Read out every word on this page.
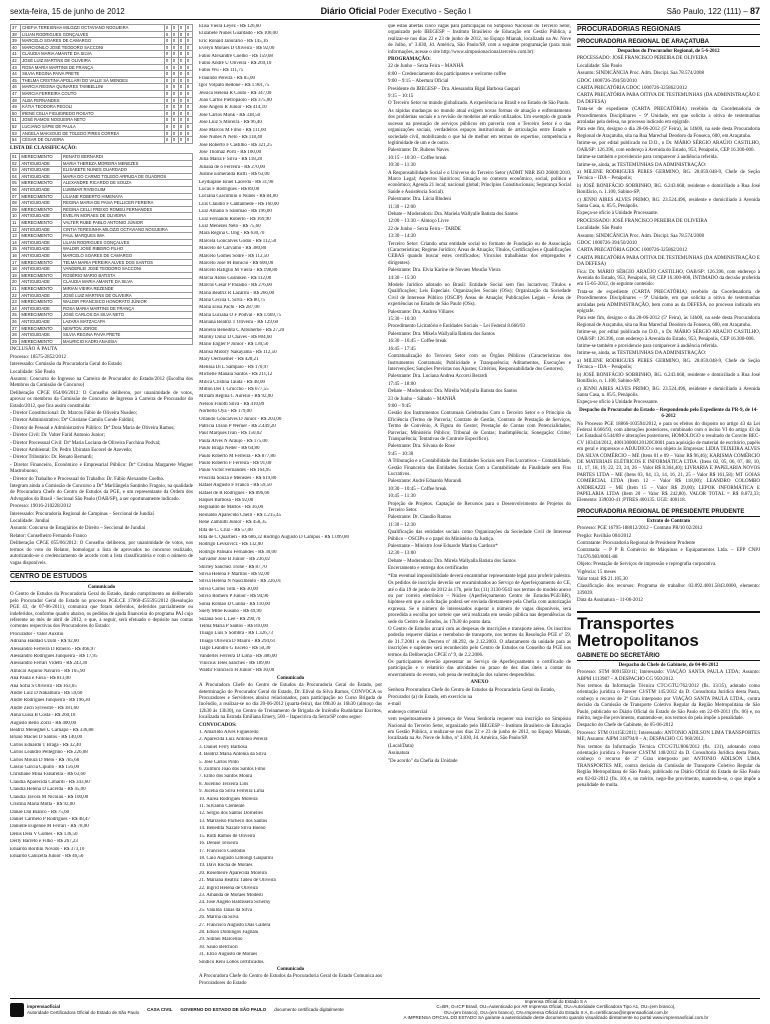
sexta-feira, 15 de junho de 2012	Diário Oficial Poder Executivo - Seção I	São Paulo, 122 (111) – 87
37	CHEFIA TERESINHA MILOZZI OCTAVIANO NOGUEIRA	0	0	0	0
38	LILIAN RODRIGUES GONÇALVES	0	0	0	0
39	MARCELO SOARES DE CAMARGO	0	0	0	0
40	MARCIONILO JOSÉ TEODORO SACCONI	0	0	0	0
41	CLÁUDIA MARIA AMANTE DA SILVA	0	0	0	0
42	JOSÉ LUIZ MARTINS DE OLIVEIRA	0	0	0	0
43	ROSA MARIA MARTINS DE FRANÇA	0	0	0	0
44	SILVIA REGINA PAIVA PRETE	0	0	0	0
45	THELMA CRISTINA APOLLARI DO VALLE SÁ MENDES	0	0	0	0
46	MARCIA REGINA QUINARES TAMBELLINI	0	0	0	0
47	MARCIA FERREIRA COUTO	0	0	0	0
48	ALBA FERNANDES	0	0	0	0
49	KÁTIA TEODORA PEGOLI	0	0	0	0
50	IRENE CELIA FIGUEIREDO ROSATO	0	0	0	0
51	JOSÉ RAMOS NOGUEIRA NETO	0	0	0	0
52	LUCIANO SÁPIE DE PAULA	0	0	0	0
53	ANGELA MAKSOUD DE TOLEDO PIRES CORREA	0	0	0	0
54	CÉSAR DE OLIVEIRA	0	0	0	0

LISTA DE CLASSIFICAÇÃO:

01	MERECIMENTO	RENATO BERNARDI
02	ANTIGUIDADE	MARIA THEREZA MOREIRA MENEZES
03	ANTIGUIDADE	ELISABETE NUNES GUARDADO
04	ANTIGUIDADE	MARIA DO CARMO TOLEDO ARRUDA DE GUADROS
05	MERECIMENTO	ALEXANDRE RICARDO DE SOUZA
06	ANTIGUIDADE	LUMIMAR RIVEIGUIM
07	MERECIMENTO	LILIANE ROBERTO HIMENAYA
08	ANTIGUIDADE	REGINA MARIA DE PAIVA PELLICER FEREIRA
09	MERECIMENTO	REGINA CELLI FREIXO ROMEU FERNANDES
10	ANTIGUIDADE	EVELYN MORAES DE OLIVEIRA
11	MERECIMENTO	VALTER RUBE PABLO ANTONIO JÚNIOR
12	ANTIGUIDADE	CINTIA TERESINHA MILOZZI OCTAVIANO NOGUEIRA
13	MERECIMENTO	PAUL MARQUES IMA
14	ANTIGUIDADE	LILIAN RODRIGUES GONÇALVES
15	ANTIGUIDADE	WALDIR JOSÉ RIBEIRO FILHO
16	ANTIGUIDADE	MARCELO SOARES DE CAMARGO
17	MERECIMENTO	TELMA MARIA PEREIRA ALVES DOS SANTOS
18	ANTIGUIDADE	VANDERLEI JOSÉ TEODORO SACCONI
19	MERECIMENTO	ROSÉRIO MARIO BATISTA
20	ANTIGUIDADE	CLAUDIA MARIA AMANTE DA SILVA
21	MERECIMENTO	MIRIAN VIEIRA REZENDE
22	ANTIGUIDADE	JOSÉ LUIZ MARTINS DE OLIVEIRA
23	MERECIMENTO	WALDIR FRANCISCO HONORATO JÚNIOR
24	ANTIGUIDADE	ROSA MARIA MARTINS DE FRANÇA
25	MERECIMENTO	JOSÉ CARLOS DA SILVA NETO
26	ANTIGUIDADE	LAZARA MATZACAPA
27	MERECIMENTO	NEWTON JORGE
28	ANTIGUIDADE	SILVIA REGINA PAIVA PRETE
29	MERECIMENTO	MAURICIO KADRI ANASSIA

INCLUSÃO À PAUTA

Processo: 18575-2852/2012

Interessado: Comissão da Procuradoria Geral do Estado

Localidade: São Paulo

Assunto: Concurso de Ingresso na Carreira de Procurador do Estado/2012 (Escolha dos Membros da Comissão de Concurso)

Deliberação CPGE 054/06/2012: O Conselho deliberou, por unanimidade de votos, aprovar os membros da Comissão de Concurso de Ingresso à Carreira de Procurador do Estado/2012, que fica assim constituída:

- Diretor Constitucional: Dr. Marcos Fábio de Oliveira Nusdeo;

- Diretor Administrativo: Drª Cristiane Camilo Conde Faldini;

- Diretor de Pessoal e Administrativo Público: Drª Dora Maria de Oliveira Ramos;

- Diretor Civil: Dr. Valter Farid Antonio Junior;

- Diretor Processual Civil: Drª Maria Luciana de Oliveira Facchina Podval;

- Diretor Ambiental: Dr. Pedro Ubiratan Escorel de Azevedo;

- Diretor Tributário: Dr. Renato Bernardi;

- Diretor Financeiro, Econômico e Empresarial Público: Drª Cristina Margarete Wagner Mastrobuono;

- Diretor do Trabalho e Processual do Trabalho: Dr. Fábio Alexandre Coelho.

Integram ainda a Comissão de Concurso a Drª Marilângela Santinho Fragoio, na qualidade de Procuradora Chefe do Centro de Estudos da PGE, e um representante da Ordem dos Advogados do Brasil - Secional São Paulo (OAB/SP), a ser oportunamente indicado.

Processo: 19016-210228/2012

Interessado: Procuradoria Regional de Campinas – Seccional de Jundiaí

Localidade: Jundiaí

Assunto: Concurso de Estagiários de Direito – Seccional de Jundiaí

Relator: Conselheiro Fernando Franco

Deliberação CPGE 055/06/2012: O Conselho deliberou, por unanimidade de votos, nos termos do voto do Relator, homologar a lista de aprovados no concurso realizado, autorizando-se o credenciamento de acordo com a lista classificatória e com o número de vagas disponíveis.

CENTRO DE ESTUDOS

Comunicado

O Centro de Estudos da Procuradoria Geral do Estado, dando cumprimento ao deliberado pelo Procurador Geral do Estado no processo PGE.CE 17060-455595/2012 (Resolução PGE 43, de 07-06-2011), comunica que foram deferidos, deferidos parcialmente ou indeferidos, conforme quadro abaixo, os pedidos de ajuda financeira do programa PAI cujo referente ao mês de abril de 2012, e que, a seguir, será efetuado o depósito nas contas correntes respectivas dos Procuradores do Estado:

Procurador - Valor Auxílio

Adriana Haddad Uzum - R$ 92,00

Alessandro Ferreira D Ribeiro - R$ 466,97

Alessandro Rodrigues Junqueira - R$ 17,95

Alessandro Ferrari Videtti - R$ 243,30

Amilcar Aquino Navarro - R$ 165,90

Ana Paula e Faria - R$ 813,00

Ana Sofia S Oliveira - R$ 163,65

Andre Luiz D Nakamura - R$ 59,60

Andre Rodrigues Junqueira - R$ 196,30

Andre Zech Sylvestre - R$ 381,60

Anna Luisa B Costa - R$ 260,10

Augusto Bello Zorzi - R$ 400,00

Beatriz Meneghel C Carnapo - R$ 336,88

Bruno Maciel D Santos - R$ 140,00

Carlos Eduardo T Braga - R$ 32,40

Carlos Leandro Pellegrino - R$ 226,08

Carlos Moura D Melo - R$ 785,60

Cassio Garcia Cipullo - R$ 156,00

Christiane Mina Falsarella - R$ 63,60

Claudia Aparecida Cimardi - R$ 343,60

Claudia Helena D Lacerda - R$ 45,00

Claudia Tavora M Nicolau - R$ 100,00

Cristina Maria Motta - R$ 92,00

Danae Dal Bianco - R$ 75,60

Daniel Carmelo P Rodrigues - R$ 48,47

Danielle Eugenne M Ferrari - R$ 78,00

Denis Dela V Gomes - R$ 136,50

Derly Barreto e Filho - R$ 267,23

Eduardo Bordini Novato - R$ 373,10

Eduardo Canizella Junior - R$ 46,50

Elisa Vieira Leyez - R$ 126,60

Elizabete Nunes Guardado - R$ 100,00

Eric Ronald Janurario - R$ 145,16

Evelyn Moraes D Oliveira - R$ 92,00

Fabio Alexandre Coelho - R$ 159,68

Fabio Andre U Oliveira - R$ 269,10

Fabio Wu - R$ 111,75

Frauindo Pereira - R$ 85,00

Igor Volpato Bedone - R$ 1.901,75

Jessica Helena R Couto - R$ 347,00

Joao Carlos Pietropaolo - R$ 375,00

Jose Angelo R Junior - R$ 414,10

Jose Carlos Monk - R$ 338,50

Jose Luiz S Moreira - R$ 96,40

Jose Marcos M Filho - R$ 111,60

Jose Nunes N Neto - R$ 118,40

Jose Roberto F Castilho - R$ 321,25

Jose Thomaz Porti - R$ 100,00

Julia Maria F Silva - R$ 118,28

Juliana de o Ferreira - R$ 270,00

Justine Esmeralda Ruffi - R$ 63,00

Leydiajane Israel Lacerda - R$ 31,90

Lucas F Rodrigues - R$ 89,00

Luciana Giacomini o Nunes - R$ 84,00

Luis Claudio F Cantanhede - R$ 160,00

Luiz Amalio S Salomao - R$ 196,00

Luiz Fernando Roberto - R$ 169,90

Luiz Menezes Neto - R$ 75,60

Mara Regina C Ong - R$ 630,70

Marcela Goncalves Godoi - R$ 112,50

Marcelo de Carvalho - R$ 380,80

Marcelo Gomes Sodre - R$ 112,50

Marcelo Jose M Bonicio - R$ 600,00

Marcelo Rafiglio M Vieira - R$ 198,80

Marcia Aldos Gushiken - R$ 112,00

Marcos Cesar P Paradio - R$ 276,00

Maria Beatriz R Lazarini - R$ 266,00

Maria Cecilia C Silva - R$ 80,75

Maria Elisa Pachi - R$ 287,00

Maria Luciana O F Podval - R$ 1.669,75

Mariana Beatriz T Oliveira - R$ 129,60

Mariella Benedita C Albuherbe - R$ 27,20

Mariny Diniz D Chaves - R$ 804,60

Mario Engler P Junior - R$ 130,50

Marisa Midory Nakayama - R$ 112,50

Mary Oechsemer - R$ 428,21

Melissa Di L Sampaio - R$ 170,97

Michelle Manaia Santos - R$ 211,12

Milica Cristina Tauda - R$ 48,00

Milton Del T Gruccho - R$ 677,55

Miriam Regina C Aurelio - R$ 92,00

Nelson Finotti Silva - R$ 410,89

Norberto Oya - R$ 179,00

Orlando Goncalves D Junior - R$ 203,00

Patricia Ulson P Werner - R$ 2.449,20

Paul Marques Ivan - R$ 150,02

Paula Alves N Araujo - R$ 175,00

Paulo Braga Neder - R$ 64,80

Paulo Roberto M Ferreira - R$ 877,86

Paulo Roberto F Ferreira - R$ 91,00

Paulo Victor Fernandes - R$ 164,95

Priscilla Souza e Menezes - R$ 619,80

Rafael Augusto F Franco - R$ 59,50

Rafael de R Rodrigues - R$ 896,60

Raquel Barbosa - R$ 92,00

Reginaldo de Mattos - R$ 36,00

Reinaldo Aparecido Chelli - R$ 1.215,45

Rene Zamlutti Junior - R$ 458,35

Rita de C. Cruz - R$ 57,00

Rita de C Quartieri - R$ 686,32 Rodrigo Augusto D Campos - R$ 1.099,80

Rodrigo Levkovicz - R$ 132,00

Rodrigo Pansani Fernandes - R$ 30,00

Salvador Jose B Junior - R$ 236,02

Shirley Sanchez Trone - R$ 87,70

Silvia Helena F Martins - R$ 92,00

Silvia Helena N Nascimento - R$ 226,01

Silvio Carlos Telli - R$ 30,00

Silvio Romero P Junior - R$ 94,90

Sonia Romao D Cunha - R$ 110,00

Suely Mitie Kusano - R$ 49,90

Suzana Soo L Lee - R$ 290,70

Telma Maria P Santos - R$ 810,00

Thiago Luis S Sombra - R$ 1.326,73

Thiago Oliveira D Mauro - R$ 294,61

Tiago Leandro G Escelo - R$ 50,30

Vanderlei Ferreira D Lima - R$ 386,00

Vinicius Teles Sanches - R$ 189,00

Waldir Francisco H Junior - R$ 30,00

Comunicado

A Procuradora Chefe do Centro de Estudos da Procuradoria Geral do Estado, por determinação do Procurador Geral do Estado, Dr. Elival da Silva Ramos, CONVOCA os Procuradores e Servidores abaixo relacionados, para participação no Curso Brigada de Incêndio, a realizar-se no dia 20-06-2012 (quarta-feira), das 09h30 às 16h30 (almoço das 12h30 às 13h30), no Centro de Treinamento de Brigada de Incêndio Rushidaras Escritos, localizada na Estrada Emiliana Emery, 500 – Itapecirica da Serra/SP como segue:

CONVOCADOS:

1. Amarildo Alves Figueiredo

2. Aparecida Luiz Antônio Pereira

3. Daniel Ferry Barbosa

4. Beatriz Maria Antônia da Silva

5. José Carlos Pinto

6. Zulmiro João dos Santos Filho

7. Elmo dos Santos Moura

8. Jucelino Teixeira Lins

9. Jucélia da Silva Ferreira Lima

10. Aurea Rodrigues Moreira

11. Silvanho Clemente

12. Sergio dos Santos Dornelles

13. Marizelso Pacheco dos Santos

14. Benedita Nazaré Silva Bueno

15. Ruth Ramos de Oliveira

16. Denise Teixeira

17. Francisco Custódio

18. Caio Augusto Limongi Gasparini

19. Davi Rocha de Moraes

20. Rosemeire Aparecida Moreira

21. Mariana Beatriz Tadeu de Oliveira

22. Ingrid Helena de Oliveira

23. Amanda de Moraes Modesti

24. José Angelo Baldissera Scherny

25. Vanilda Tanas da Silva

26. Marina da Silva

27. Francisco Augusto Dias Gallera

28. Edson Domingos Fagnani

29. Sidinei Marcelino

30. Saulo Belchiorí

31. Elcio Augusto de Moraes

Sindico Reni Lobos certificados.

Comunicado

A Procuradora Chefe do Centro de Estudos da Procuradoria Geral do Estado Comunica aos Procuradores do Estado

que estão abertas cinco vagas para participação no Simpósio Nacional do Terceiro Setor, organizado pelo IBEGESP – Instituto Brasileiro de Educação em Gestão Pública, a realizar-se nos dias 22 e 23 de junho de 2012, no Espaço Mianak, localizada na Av. Nove de Julho, nº 3.830, Jd. América, São Paulo/SP, com a seguinte programação (para mais informações, acesse o site http://www.simposionacional.terceiro.com.br):

PROGRAMAÇÃO:

22 de Junho – Sexta Feira – MANHÃ

8:00 – Credenciamento dos participantes e welcome coffee

9:00 – 9:15 – Abertura Oficial

Presidente do IBEGESP – Dra. Alessandra Bigal Barbosa Gaspari

9:15 – 10:15

O Terceiro Setor no mundo globalizado. A experiência no Brasil e no Estado de São Paulo.

As rápidas mudanças no mundo atual exigem novas formas de atuação e enfrentamento dos problemas sociais e a revisão de modelos até então utilizados. Um exemplo de grande sucesso na prestação de serviços públicos em parceria com o Terceiro Setor é o das organizações sociais, verdadeiros espaços institucionais de articulação entre Estado e sociedade civil, mobilizando o que há de melhor em termos de expertise, competência e legitimidade de um e de outro.

Palestrante: Dr. Rubens Naves

10:15 – 10:30 – Coffee break

10:30 – 11:30

A Responsabilidade Social e o Universo do Terceiro Setor (ADMT NBR ISO 26000:2010, Marco Legal; Aspectos históricos; Situação no contexto econômico, social, político e econômico; Agenda 21 local; nacional global; Princípios Constitucionais; Segurança Social Saúde e Assistência Social).

Palestrante: Dra. Lúcia Bludeni

11:30 – 12:00

Debate – Moderadora: Dra. Mariela Wallyalle Batista dos Santos

12:00 – 13:30 – Almoço Livre

22 de Junho – Sexta Feira – TARDE

13:30 – 14:30

Terceiro Setor: Criando uma entidade social no formato de Fundação ou de Associação (Características; Regime Jurídico; Áreas de Atuação; Títulos, Certificações e Qualificações CEBAS quando buscar estes certificados; Vínculos trabalhistas dos empregados e dirigentes).

Palestrante: Dra. Elvia Karine de Novaes Mourão Vieira

14:30 – 15:30

Modelo Jurídico adotado no Brasil: Entidade Social sem fins lucrativos; Títulos e Qualificações; Leis Especiais. Organizações Sociais (OSs); Organização da Sociedade Civil de Interesse Público (OSCIP) Áreas de Atuação; Publicações Legais – Áreas de experiências no Estado de São Paulo (OSs).

Palestrante: Dra. Andrea Villares

15:30 – 16:30

Procedimento Licitatório e Entidades Sociais – Lei Federal 8.666/93

Palestrante: Dra. Mikela Wallyalla Batista dos Santos

16:30 – 16:45 – Coffee break

16:45 – 17:45

Contratualização do Terceiro Setor com os Órgãos Públicos (Características dos Instrumentos Contratuais; Publicidade e Transparência; Aditamentos, Execuções e Intervenções; Sanções Previstas nos Ajustes; Critérios, Responsabilidade dos Gestores).

Palestrante: Dra. Luciana Andrea Accorsi Berardi

17:45 – 18:00

Debate – Moderadora: Dra. Mirella Wallyalla Batista dos Santos

23 de Junho – Sábado – MANHÃ

9:00 – 9:45

Gestão dos Instrumentos Contratuais Celebrados Com o Terceiro Setor e o Princípio da Eficiência (Termo de Parceria; Contrato de Gestão, Contrato de Prestação de Serviços, Termo de Convênio, A Figura do Gestor; Prestação de Contas com Potencialidades; Parcerias; Ministério Público; Tribunal de Contas; Inadimplência; Sonegação; Crime; Transparência; Tentativas de Controle Específico).

Palestrante: Dra. Silvana de Rose

9:45 – 10:30

A Tributação e a Contabilidade das Entidades Sociais sem Fins Lucrativos – Contabilidade, Gestão Financeira das Entidades Sociais Com a Contabilidade da Finalidade sem Fins Lucrativos.

Palestrante: André Eduardo Morandi

10:30 – 10:45 – Coffee break

10:45 – 11:30

Projeção de Projetos. Captação de Recursos para o Desenvolvimento de Projetos do Terceiro Setor.

Palestrante: Dr. Claudio Ramos

11:30 – 12:30

Qualificação das entidades sociais como Organizações da Sociedade Civil de Interesse Público – OSCIPs e o papel do Ministério da Justiça.

Palestrante – Ministro José Eduardo Martins Cardozo*

12:30 – 13:00

Debate – Moderadora: Dra. Mirela Wallyalla Batista dos Santos

Encerramento e entrega dos certificados

*Em eventual impossibilidade deverá encaminhar representante legal para proferir palestra.

Os pedidos de inscrição deverão ser encaminhados ao Serviço de Aperfeiçoamento do CE, até o dia 19 de junho de 2012 às 17h, pelo fax (11) 3130-9543 nos termos do modelo anexo ou por correio eletrônico – Núcleo (Aperfeiçoamento Centro de Estudos/PGE/BR), hipótese em que a solicitação poderá ser enviada diretamente pela Chefia com autorização expressa. Se o número de interessados superar o número de vagas disponíveis, será procedida a escolha por sorteio que será realizada em sessão pública nas dependências da sede do Centro de Estudos, às 17h30 do ponto data.

O Centro de Estudos arcará com as despesas de inscrições e transporte aéreo. Os inscritos poderão requerer diárias e reembolso de transporte, nos termos da Resolução PGE nº 59, de 31.7.2001 e do Decreto nº 48.292, de 2.12.2003. O afastamento da unidade para as inscrições e suplentes será reconhecido pelo Centro de Estudos ou Conselho da PGE nos termos da Deliberação CPGE nº 9, de 2.2.2006.

Os participantes deverão apresentar ao Serviço de Aperfeiçoamento o certificado de participação e o relatório das atividades no prazo de dez dias úteis a contar do encerramento do evento, sob pena de restituição dos valores despendidos.

ANEXO

Senhora Procuradora Chefe do Centro de Estudos da Procuradoria Geral do Estado,

Procurador (a) do Estado, em exercício na

e-mail

endereço comercial

vem respeitosamente à presença de Vossa Senhoria requerer sua inscrição no Simpósio Nacional do Terceiro Setor, organizado pelo IBEGESP – Instituto Brasileiro de Educação em Gestão Pública, a realizar-se nos dias 22 e 23 de junho de 2012, no Espaço Mianak, localizada na Av. Nove de Julho, nº 3.830, Jd. América, São Paulo/SP.

(Local/Data)

Assinatura

"De acordo" da Chefia da Unidade

PROCURADORIAS REGIONAIS
PROCURADORIA REGIONAL DE ARAÇATUBA

Despachos do Procurador Regional, de 5-6-2012

PROCESSADO: JOSÉ FRANCISCO PEREIRA DE OLIVEIRA

Localidade: São Paulo

Assunto: SINDICÂNCIA Proc. Adm. Discipl. Saa 78.574/2008

GDOC 1000726-394/50/2010

CARTA PRECATÓRIA GDOC 1000726-325862/2012

CARTA PRECATÓRIA PARA OITIVA DE TESTEMUNHAS (DA ADMINISTRAÇÃO E DA DEFESA)

Trata-se de expediente (CARTA PRECATÓRIA) recebido da Coordenadoria de Procedimentos Disciplinares – 9ª Unidade, em que solicita a oitiva de testemunhas arroladas pela defesa, no processo indicado em epígrafe.

Para este fim, designo o dia 28-06-2012 (5ª Feira), às 14h00, na sede desta Procuradoria Regional de Araçatuba, sita na Rua Marechal Deodoro da Fonseca, 600, em Araçatuba.

Intime-se, por edital publicado no D.O., o Dr. MÁRIO SÉRGIO ARAÚJO CASTILHO, OAB/SP: 126.396, com endereço à Avenida do Estado, 953, Penápolis, CEP 16.300-000.

Intime-se também e providencie para comparecer à audiência referida.

Intime-se, ainda, as TESTEMUNHAS DA ADMINISTRAÇÃO:

a) MILENE RODRIGUES PERES GERMINO, RG. 28.059.048-9, Chefe de Seção Técnica – IDA – Penápolis;

b) JOSÉ BONIFÁCIO SOBRINHO, RG. 6.243.668, residente e domiciliado a Rua José Bonifácio, n. 1.100, Sabino-SP;

c) JENNI AIRES ALVES PRIMO, RG. 23.524.496, residente e domiciliado à Avenida Santa Casa, n. 85/5, Penápolis.

Expeça-se ofício à Unidade Processante.

PROCESSADO: JOSÉ FRANCISCO PEREIRA DE OLIVEIRA

Localidade: São Paulo

Assunto: SINDICÂNCIA Proc. Adm. Discipl. Saa 78.574/2008

GDOC 1000726-394/50/2010

CARTA PRECATÓRIA GDOC 1000726-325862/2012

CARTA PRECATÓRIA PARA OITIVA DE TESTEMUNHAS (DA ADMINISTRAÇÃO E DA DEFESA)

Fica: Dr. MÁRIO SÉRGIO ARAÚJO CASTILHO, OAB/SP: 126.396, com endereço à Avenida do Estado, 953, Penápolis, SP, CEP 16.300-000, INTIMADO da decisão proferida em 15-05-2012, do seguinte conteúdo:

Trata-se de expediente (CARTA PRECATÓRIA) recebido da Coordenadoria de Procedimentos Disciplinares – 9ª Unidade, em que solicita a oitiva de testemunhas arroladas pela ADMINISTRAÇÃO, bem como as da DEFESA, no processo indicado em epígrafe.

Para este fim, designo o dia 28-06-2012 (5ª Feira), às 14h00, na sede desta Procuradoria Regional de Araçatuba, sita na Rua Marechal Deodoro da Fonseca, 600, em Araçatuba.

Intime-se, por edital publicado no D.O., o Dr. MÁRIO SÉRGIO ARAÚJO CASTILHO, OAB/SP: 126.396, com endereço à Avenida do Estado, 953, Penápolis, CEP 16.300-000.

Intime-se também e providencie para comparecer à audiência referida.

Intime-se, ainda, as TESTEMUNHAS DA ADMINISTRAÇÃO:

a) MILENE RODRIGUES PERES GERMINO, RG. 28.059.048-9, Chefe de Seção Técnica – IDA – Penápolis;

b) JOSÉ BONIFÁCIO SOBRINHO, RG. 6.243.668, residente e domiciliado a Rua José Bonifácio, n. 1.100, Sabino-SP;

c) JENNI AIRES ALVES PRIMO, RG. 23.524.496, residente e domiciliado à Avenida Santa Casa, n. 85/5, Penápolis.

Expeça-se ofício à Unidade Processante.

Despacho do Procurador do Estado – Respondendo pelo Expediente da PR-9, de 14-6-2012

No Processo PGE 18866-103594/2012, e para os efeitos do disposto no artigo 43 da Lei Federal 8.666/93, com alterações posteriores, combinado com o inciso VI do artigo 43 da Lei Estadual 6.544/89 e alterações posteriores, HOMOLOGO o resultado do Convite BEC-CV 183434/2012, 400130000120120C0001 para aquisição de material de escritório, papéis em geral e impressos e ADJUDICO o seu objeto às Empresas: LIDIA TEIXEIRA ALVES DA SILVA COMÉRCIO – ME (Itens 01 e 09 – Valor R$ 96,46); KARISMA COMÉRCIO DE MATERIAIS ELÉTRICOS E INFORMÁTICA LTDA. (Itens 02, 05, 06, 07, 08, 10, 11, 17, 18, 19, 22, 23, 24, 26 – Valor R$ 8.364,40); LIVRARIA E PAPELARIA NOVOS PARTES LTDA – ME (Itens 03, 04, 13, 14, 16, 21, 25 – Valor R$ 161,58); MT GOIAS COMERCIAL LTDA (Item 12 – Valor R$ 118,00); LEANDRO COLOMBO ANDREAZZI – ME (Item 15 – Valor R$ 29,00); LEPOK INFORMÁTICA E PAPELARIA LTDA (Item 20 – Valor R$ 242,80). VALOR TOTAL = R$ 8.872,33; Elemento: 339030-41 ;PTRES 400135. UGE: 400118.

PROCURADORIA REGIONAL DE PRESIDENTE PRUDENTE

Extrato de Contrato

Processo: PGE 16795-188012/2012 – Contrato PR/10 02/2012

Pregão: Pavilhão 004/2012

Contratante: Procuradoria Regional de Presidente Prudente

Contratada: – P P B Comércio de Máquinas e Equipamentos Ltda. – EPP CNPJ 74.676.983/0001-88

Objeto: Prestação de Serviços de impressão e reprografia corporativa.

Vigência: 15 meses

Valor total: R$ 21.105,30

Classificação dos recursos: Programa de trabalho: 03.092.4001.5843.0000, elemento: 339039.

Data da Assinatura – 11-06-2012

Transportes Metropolitanos
GABINETE DO SECRETÁRIO

Despacho do Chefe de Gabinete, de 04-06-2012

Processo: STM 00915E0/11; Interessado: VIAÇÃO SANTA PAULA LTDA; Assunto: ABPM 1113987 – A DESPACHO CG 950/2012.

Nos termos da Informação Técnica CTC/GTU/762/2012 (fls. 33/35), adotado como orientação jurídica o Parecer CJ/STM 145/2012 da D. Consultoria Jurídica desta Pasta, conheço o recurso de 2ª Grau interposto por VIAÇÃO SANTA PAULA LTDA., contra decisão da Comissão de Transporte Coletivo Regular da Região Metropolitana de São Paulo, publicado no Diário Oficial do Estado de São Paulo em 22-09-2011 (fls. 06) e, no mérito, nego-lhe provimento, mantendo-se, nos termos do pela impõe a penalidade.

Despacho do Chefe de Gabinete, de 05-06-2012

Processo: STM 01415E/2011; Interessado: ANTONIO ADILSON LIMA TRANSPORTES ME; Assunto: AIPM 318794/0 – A; DESPACHO CG 960/2012.

Nos termos da Informação Técnica CTC/GTU/806/2012 (fls. 131), adotando como orientação jurídica o Parecer CJ/STM 148/2012 da D. Consultoria Jurídica desta Pasta, conheço o recurso de 2º Grau interposto por ANTONIO ADILSON LIMA TRANSPORTES ME, contra decisão da Comissão de Transporte Coletivo Regular da Região Metropolitana de São Paulo, publicado no Diário Oficial do Estado de São Paulo em 02-02-2012 (fls. 10) e, no mérito, nego-lhe provimento, mantendo-se, o que impõe a penalidade de multa.

imprensaoficial
Autoridade Certificadora Oficial do Estado de São Paulo
CASA CIVIL GOVERNO DO ESTADO DE SÃO PAULO documento certificado digitalmente
Imprensa Oficial do Estado S A
C=BR, O=ICP Brasil, OU=Autenticado por AR Imprensa Oficial, OU=Autoridade Certificadora Tipo A1, OU=(em branco),
OU=(em branco), OU=(em branco), CN=Imprensa Oficial do Estado S A, E=certificacao@imprensaoficial.com.br
A IMPRENSA OFICIAL DO ESTADO SA garante a autenticidade deste documento quando visualizado diretamente no portal www.imprensaoficial.com.br
